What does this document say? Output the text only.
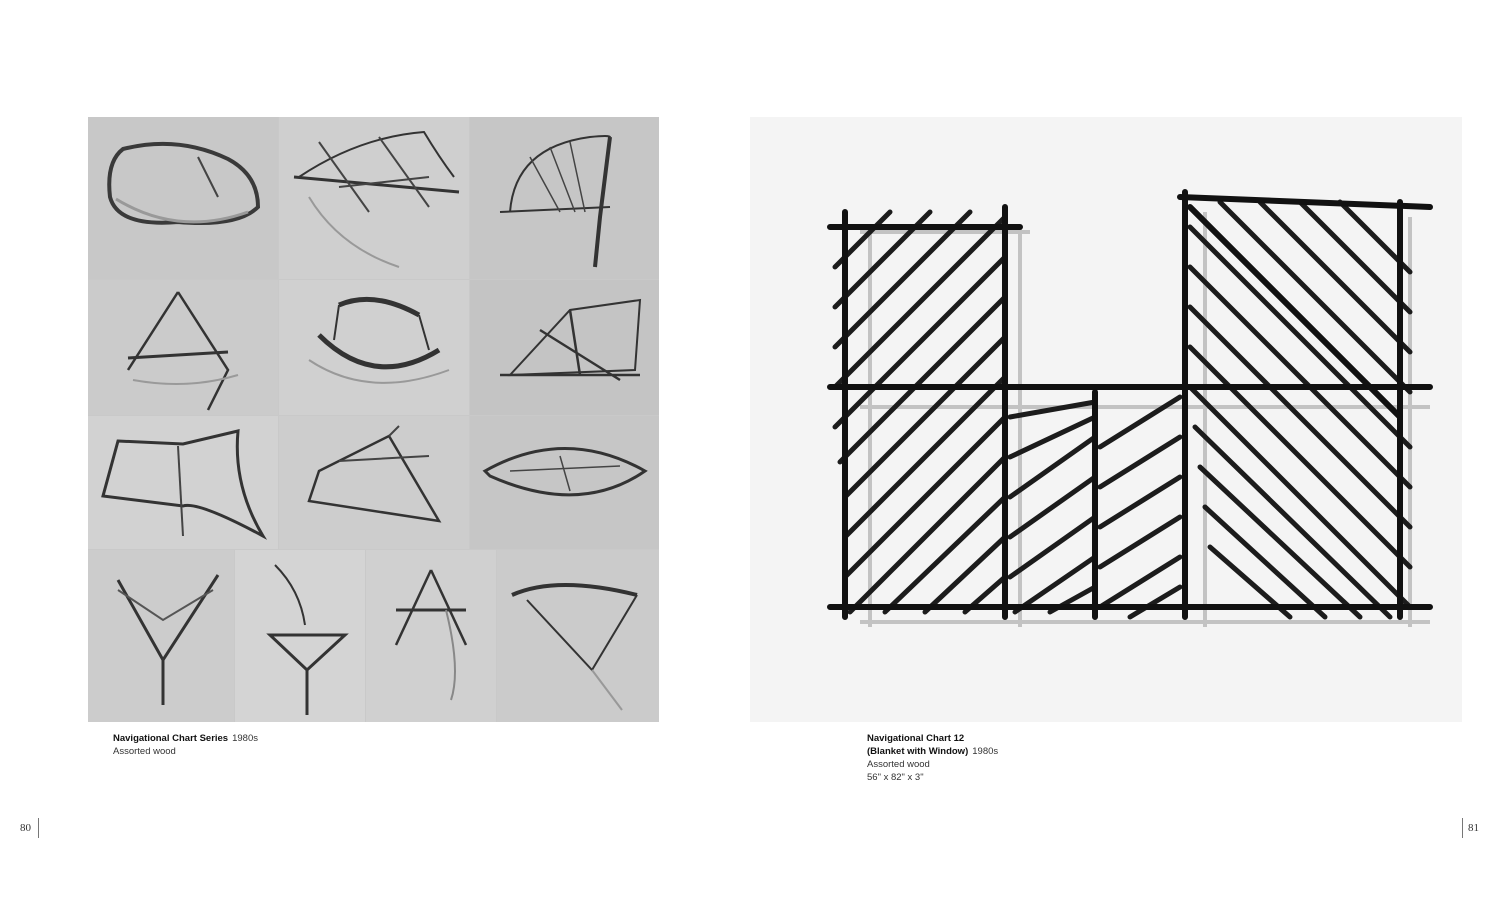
Navigational Chart Series 1980s
Assorted wood
Navigational Chart 12
(Blanket with Window) 1980s
Assorted wood
56" x 82" x 3"
80	81
